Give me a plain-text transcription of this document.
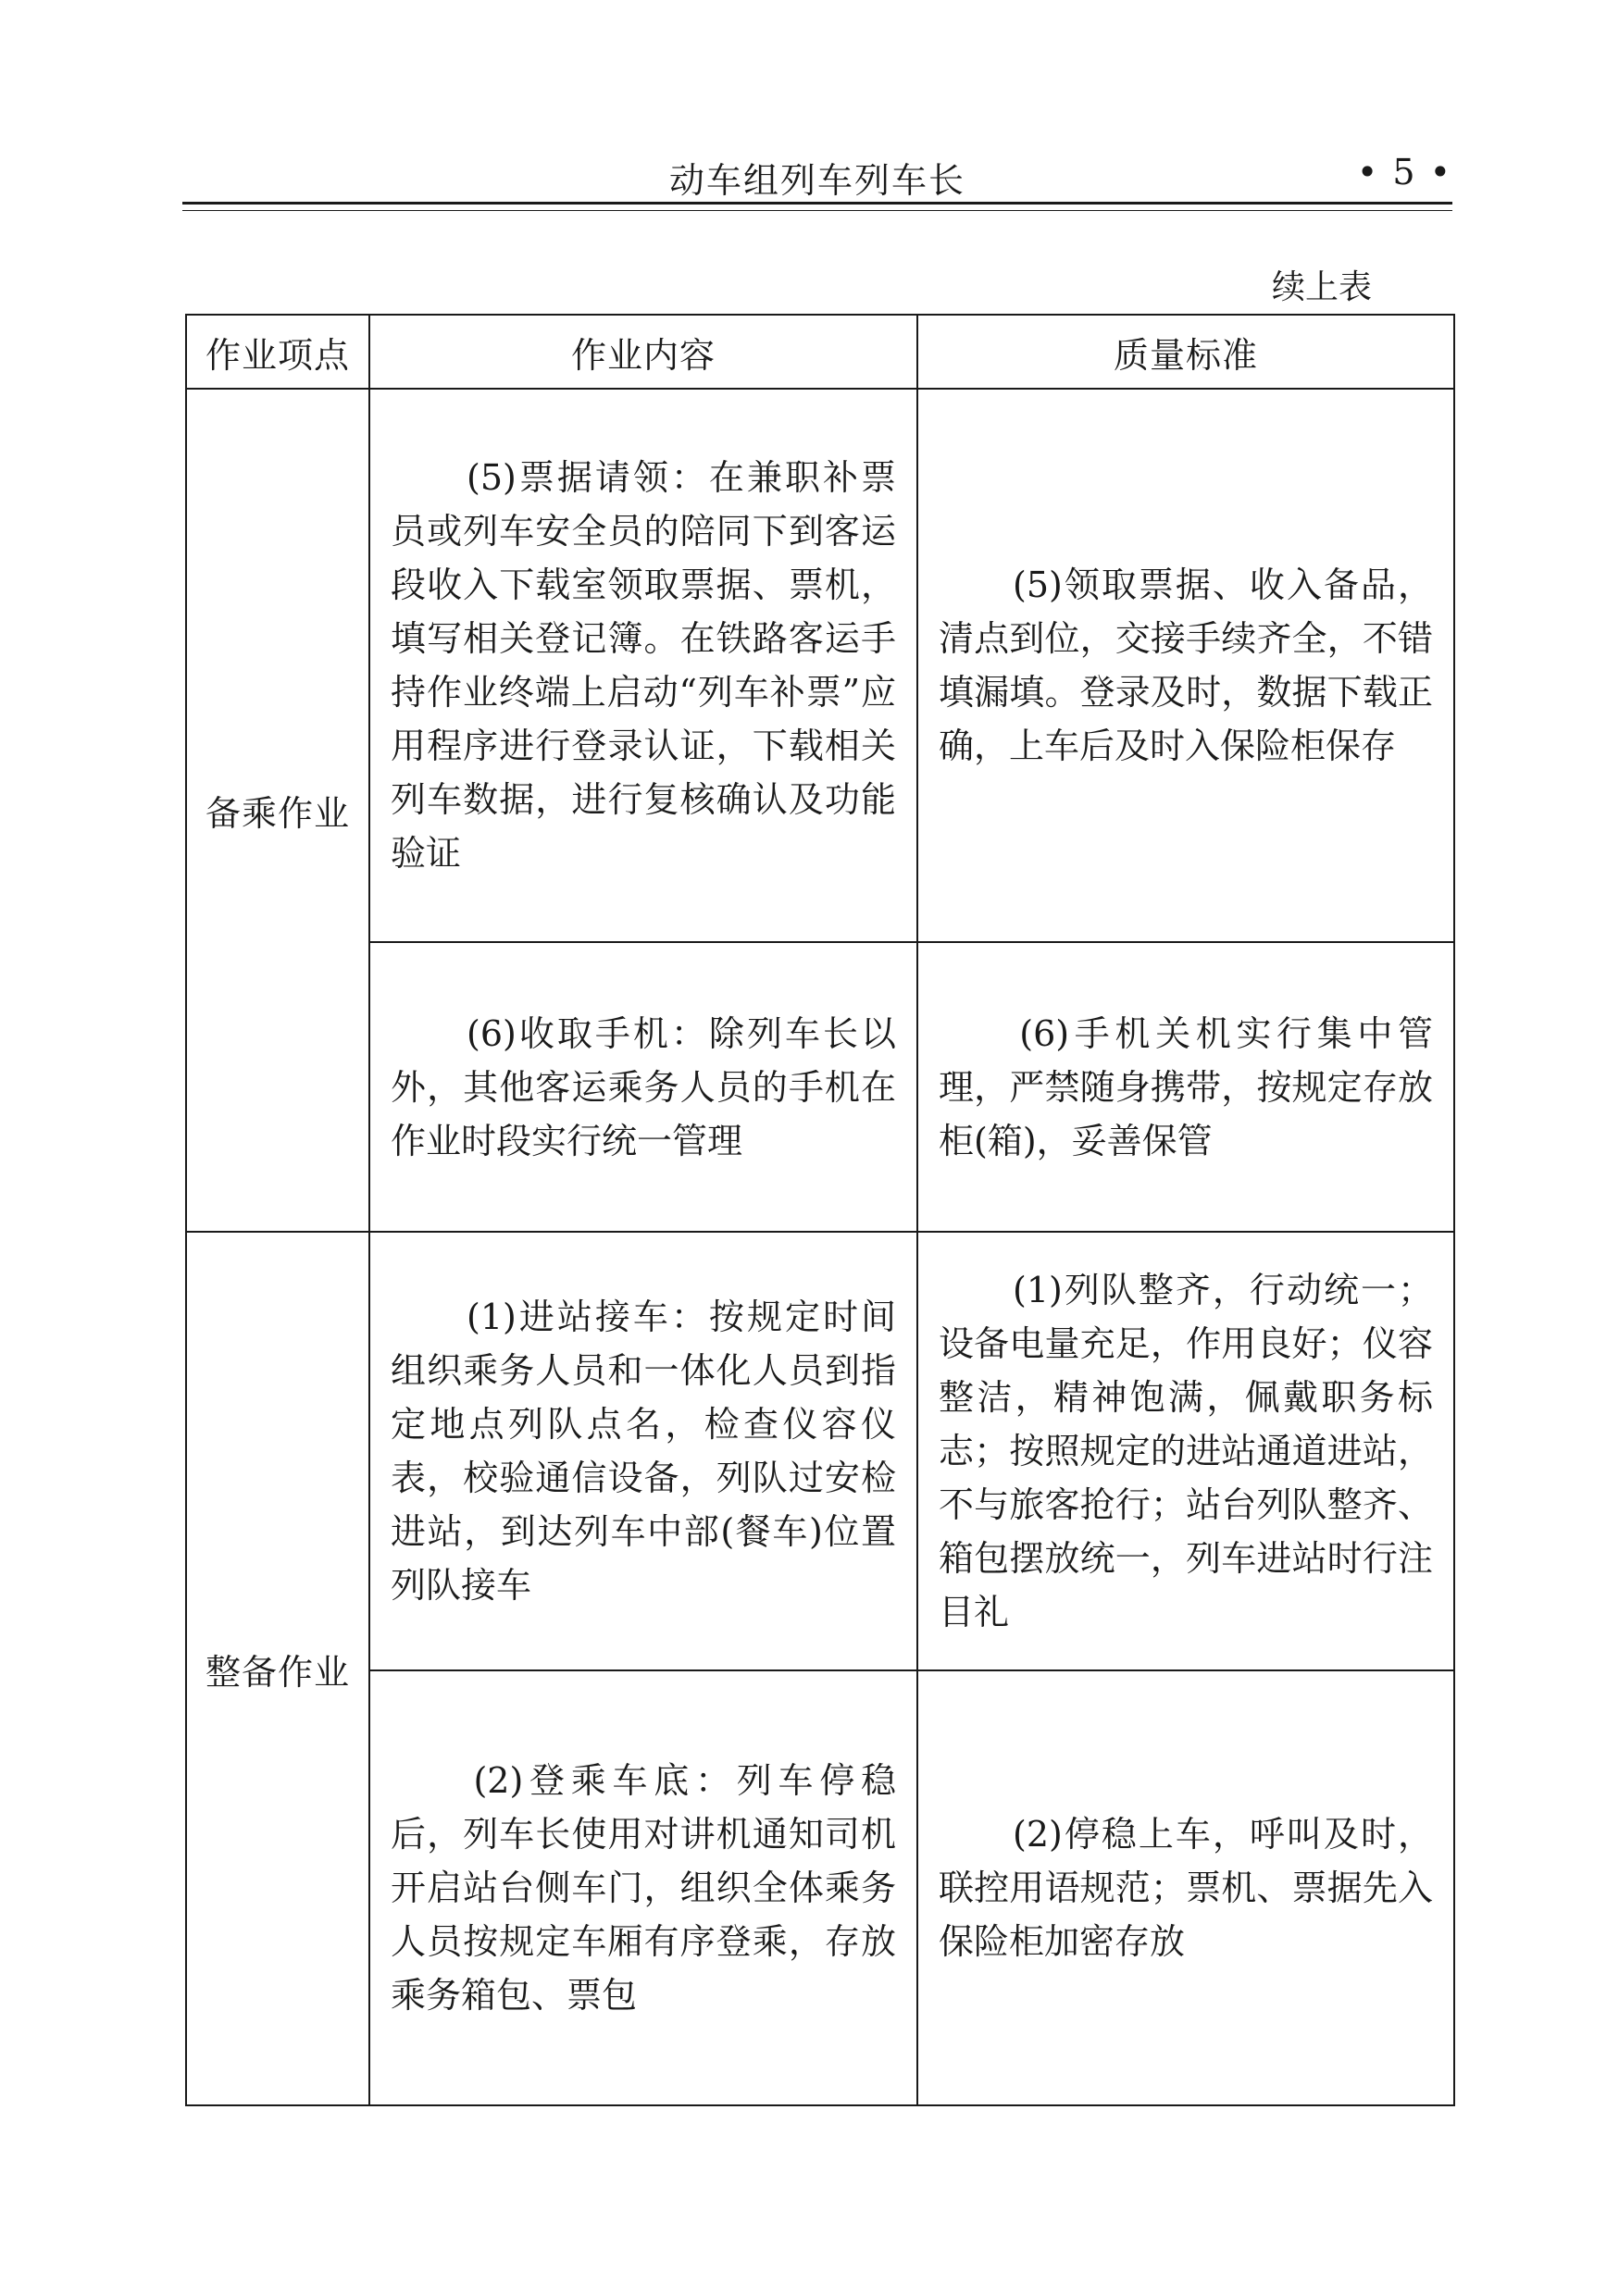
动车组列车列车长	• 5 •
续上表
作业项点	作业内容	质量标准
备乘作业	　　(5)票据请领：在兼职补票员或列车安全员的陪同下到客运段收入下载室领取票据、票机，填写相关登记簿。在铁路客运手持作业终端上启动“列车补票”应用程序进行登录认证，下载相关列车数据，进行复核确认及功能验证	　　(5)领取票据、收入备品，清点到位，交接手续齐全，不错填漏填。登录及时，数据下载正确，上车后及时入保险柜保存
	　　(6)收取手机：除列车长以外，其他客运乘务人员的手机在作业时段实行统一管理	　　(6)手机关机实行集中管理，严禁随身携带，按规定存放柜(箱)，妥善保管
整备作业	　　(1)进站接车：按规定时间组织乘务人员和一体化人员到指定地点列队点名，检查仪容仪表，校验通信设备，列队过安检进站，到达列车中部(餐车)位置列队接车	　　(1)列队整齐，行动统一；设备电量充足，作用良好；仪容整洁，精神饱满，佩戴职务标志；按照规定的进站通道进站，不与旅客抢行；站台列队整齐、箱包摆放统一，列车进站时行注目礼
	　　(2)登乘车底：列车停稳后，列车长使用对讲机通知司机开启站台侧车门，组织全体乘务人员按规定车厢有序登乘，存放乘务箱包、票包	　　(2)停稳上车，呼叫及时，联控用语规范；票机、票据先入保险柜加密存放
